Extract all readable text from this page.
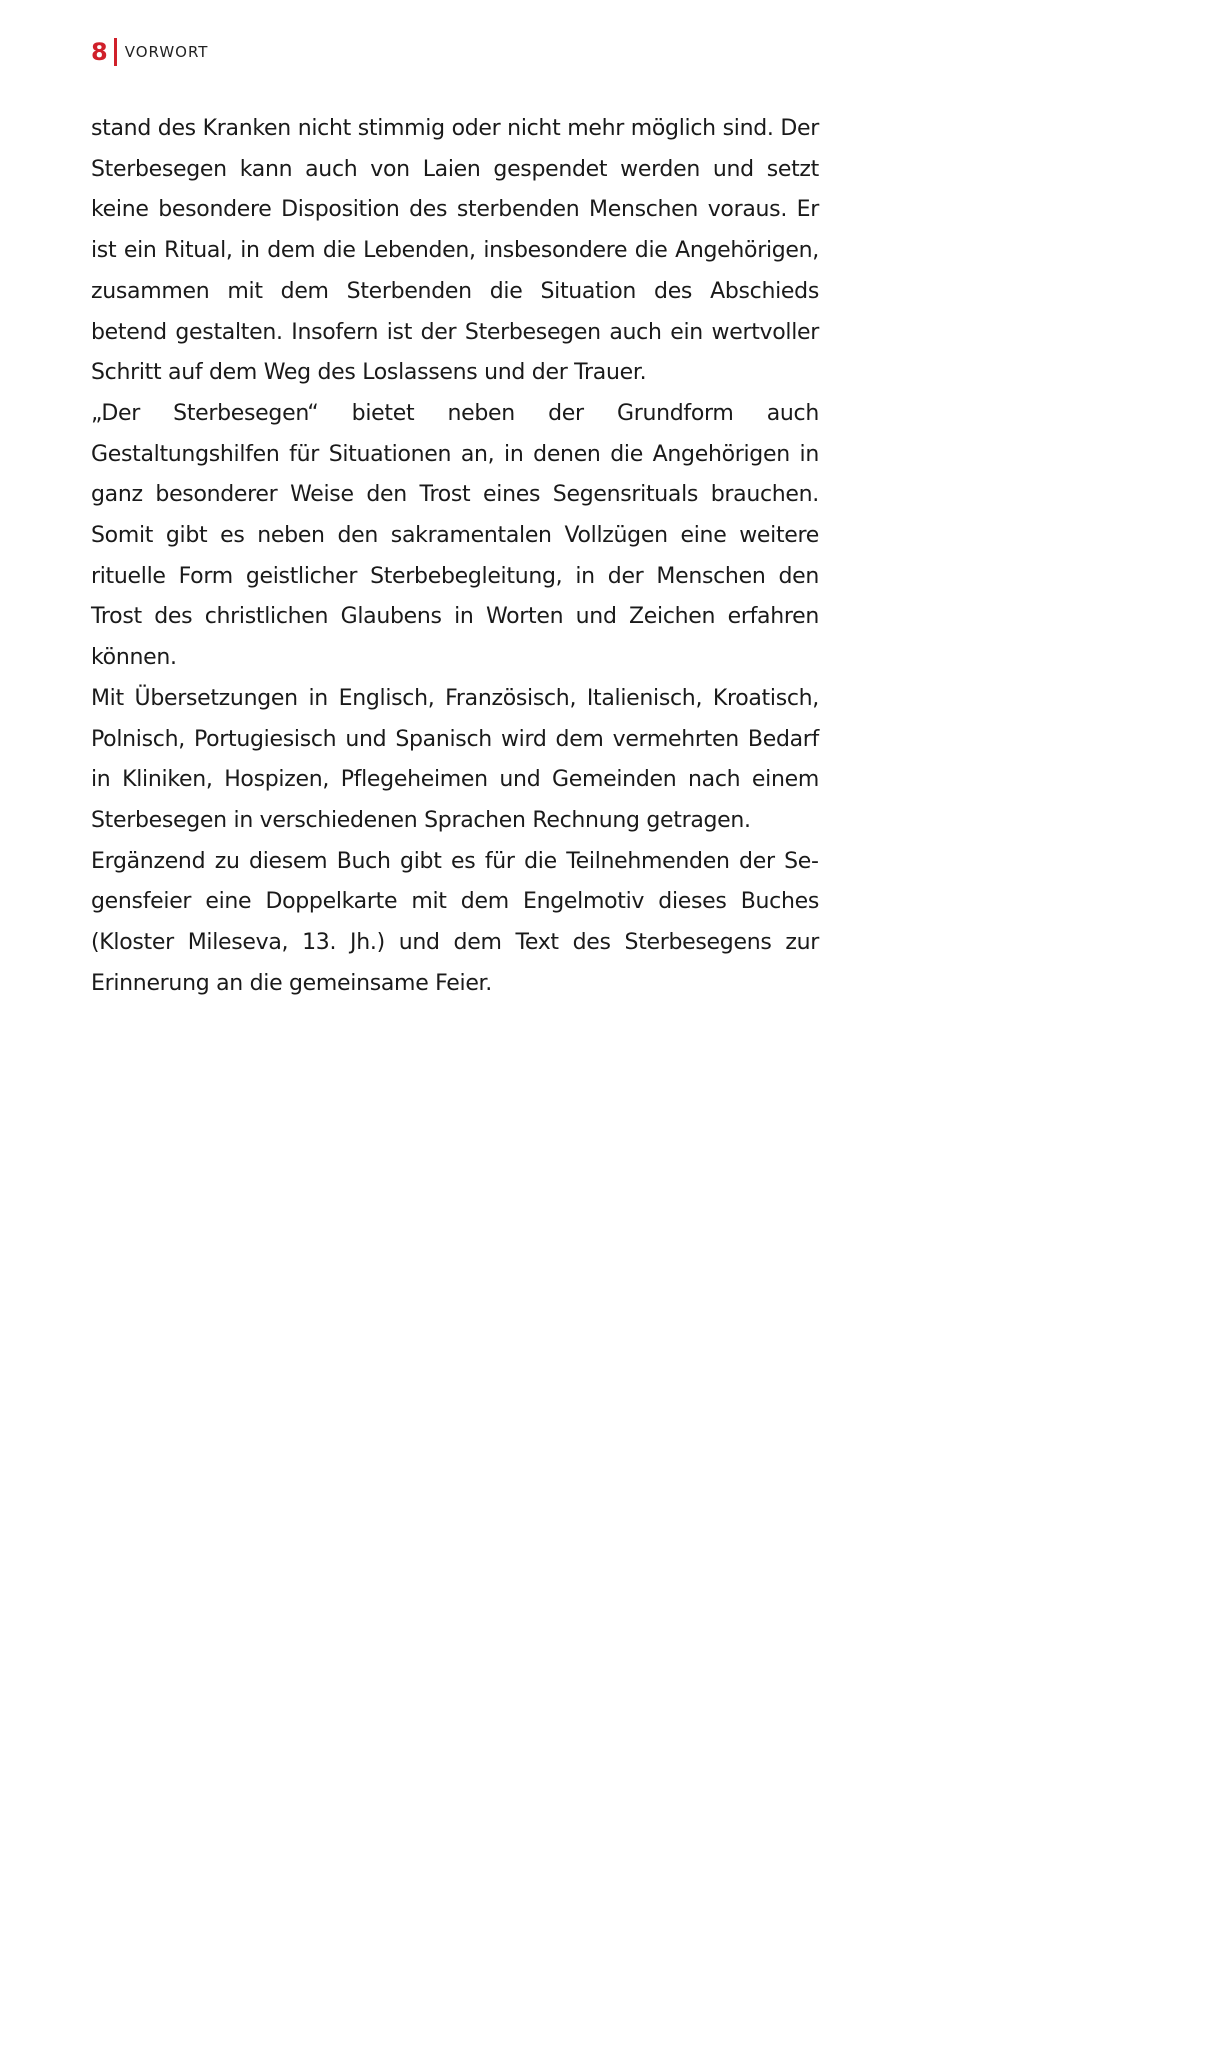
8 VORWORT

stand des Kranken nicht stimmig oder nicht mehr möglich sind. Der Sterbesegen kann auch von Laien gespendet werden und setzt keine besondere Disposition des sterbenden Menschen voraus. Er ist ein Ritual, in dem die Lebenden, insbesondere die Angehörigen, zusammen mit dem Sterbenden die Situation des Abschieds betend gestalten. Insofern ist der Sterbesegen auch ein wertvoller Schritt auf dem Weg des Loslassens und der Trauer.

„Der Sterbesegen“ bietet neben der Grundform auch Gestaltungshilfen für Situationen an, in denen die Angehörigen in ganz besonderer Weise den Trost eines Segensrituals brauchen. Somit gibt es neben den sakramentalen Vollzügen eine weitere rituelle Form geistlicher Sterbebegleitung, in der Menschen den Trost des christlichen Glaubens in Worten und Zeichen erfahren können.

Mit Übersetzungen in Englisch, Französisch, Italienisch, Kroatisch, Polnisch, Portugiesisch und Spanisch wird dem vermehrten Bedarf in Kliniken, Hospizen, Pflegeheimen und Gemeinden nach einem Sterbesegen in verschiedenen Sprachen Rechnung getragen.

Ergänzend zu diesem Buch gibt es für die Teilnehmenden der Segensfeier eine Doppelkarte mit dem Engelmotiv dieses Buches (Kloster Mileseva, 13. Jh.) und dem Text des Sterbesegens zur Erinnerung an die gemeinsame Feier.
